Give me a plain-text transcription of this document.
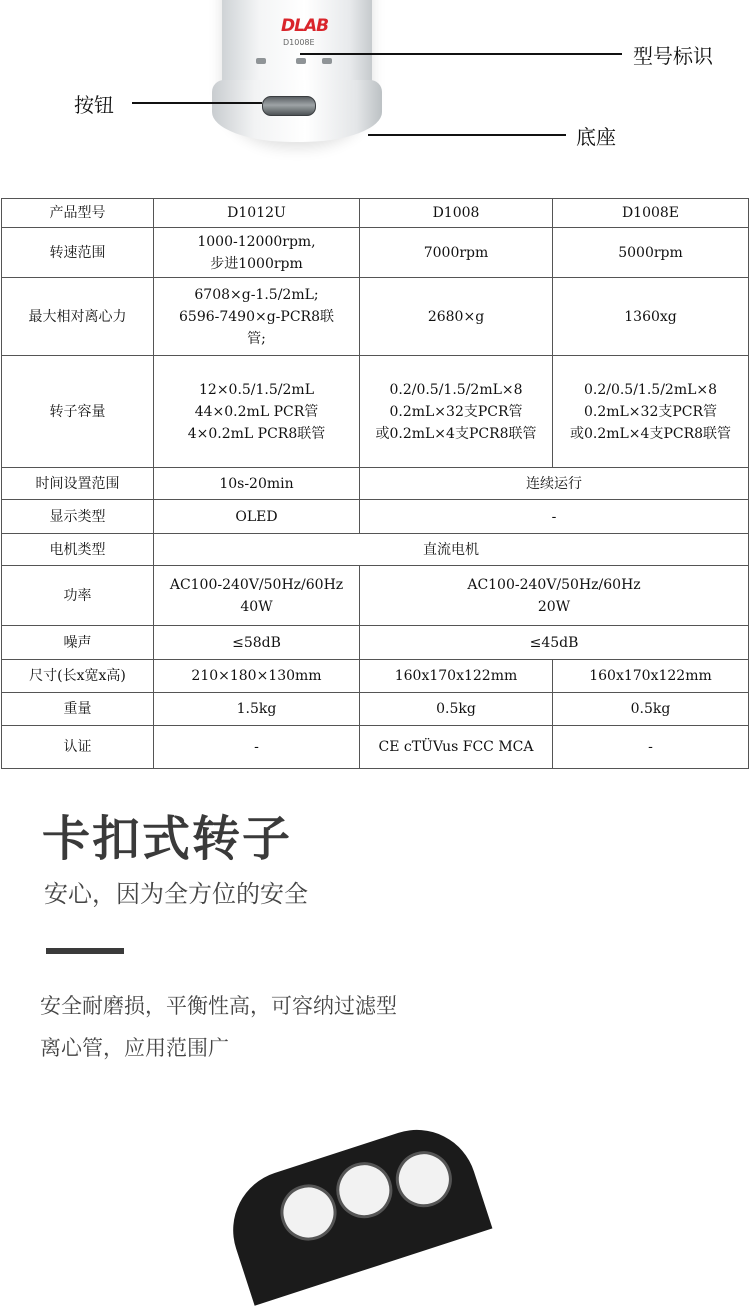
DLAB
D1008E
型号标识
按钮
底座
产品型号	D1012U	D1008	D1008E
转速范围	1000-12000rpm,
步进1000rpm	7000rpm	5000rpm
最大相对离心力	6708×g-1.5/2mL;
6596-7490×g-PCR8联
管;	2680×g	1360xg
转子容量	12×0.5/1.5/2mL
44×0.2mL PCR管
4×0.2mL PCR8联管	0.2/0.5/1.5/2mL×8
0.2mL×32支PCR管
或0.2mL×4支PCR8联管	0.2/0.5/1.5/2mL×8
0.2mL×32支PCR管
或0.2mL×4支PCR8联管
时间设置范围	10s-20min	连续运行	
显示类型	OLED	-	
电机类型	直流电机		
功率	AC100-240V/50Hz/60Hz
40W	AC100-240V/50Hz/60Hz
20W	
噪声	≤58dB	≤45dB	
尺寸(长x宽x高)	210×180×130mm	160x170x122mm	160x170x122mm
重量	1.5kg	0.5kg	0.5kg
认证	-	CE cTÜVus FCC MCA	-
卡扣式转子
安心，因为全方位的安全
安全耐磨损，平衡性高，可容纳过滤型
离心管，应用范围广
